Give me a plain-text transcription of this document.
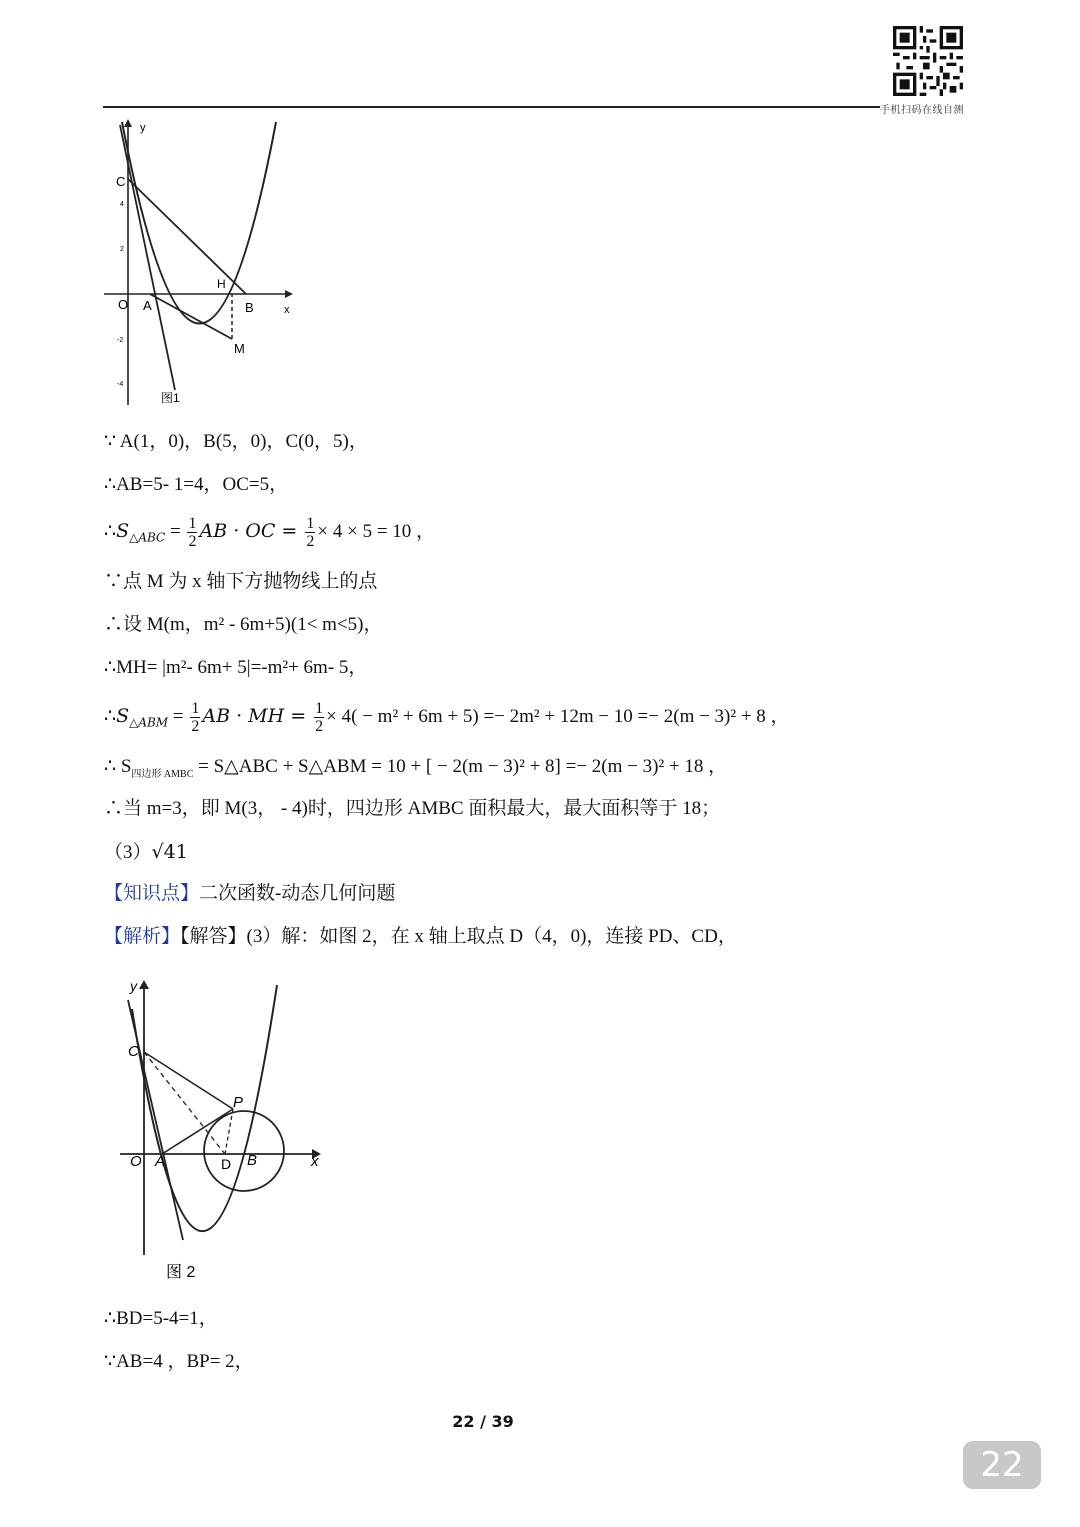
手机扫码在线自测
y
C
4
2
-2
-4
O A
H
B	x
M
图1
∵ A(1，0)，B(5，0)，C(0，5)，
∴AB=5- 1=4，OC=5，
$\therefore S_{\triangle ABC} = \frac{1}{2}$ AB · OC = $\frac{1}{2} \times 4 \times 5 = 10$ ，
∵点 M 为 x 轴下方抛物线上的点
∴设 M(m，m² - 6m+5)(1< m<5)，
∴MH= |m²- 6m+ 5|=-m²+ 6m- 5，
$\therefore S_{\triangle ABM} = \frac{1}{2}$ AB · MH = $\frac{1}{2} \times 4( - m^2 + 6m + 5) =- 2m^2 + 12m - 10 =- 2(m - 3)^2 + 8$ ，
∴ $S_{四边形 AMBC}$ = S△ABC + S△ABM = 10 + [ − 2(m − 3)² + 8] =− 2(m − 3)² + 18 ，
∴当 m=3，即 M(3， - 4)时，四边形 AMBC 面积最大，最大面积等于 18；
（3）√41
【知识点】二次函数-动态几何问题
【解析】【解答】(3）解：如图 2，在 x 轴上取点 D（4，0)，连接 PD、CD，
y
C
P
O A	D B	x
图 2
∴BD=5-4=1，
∵AB=4 ，BP= 2，
22 / 39
22
